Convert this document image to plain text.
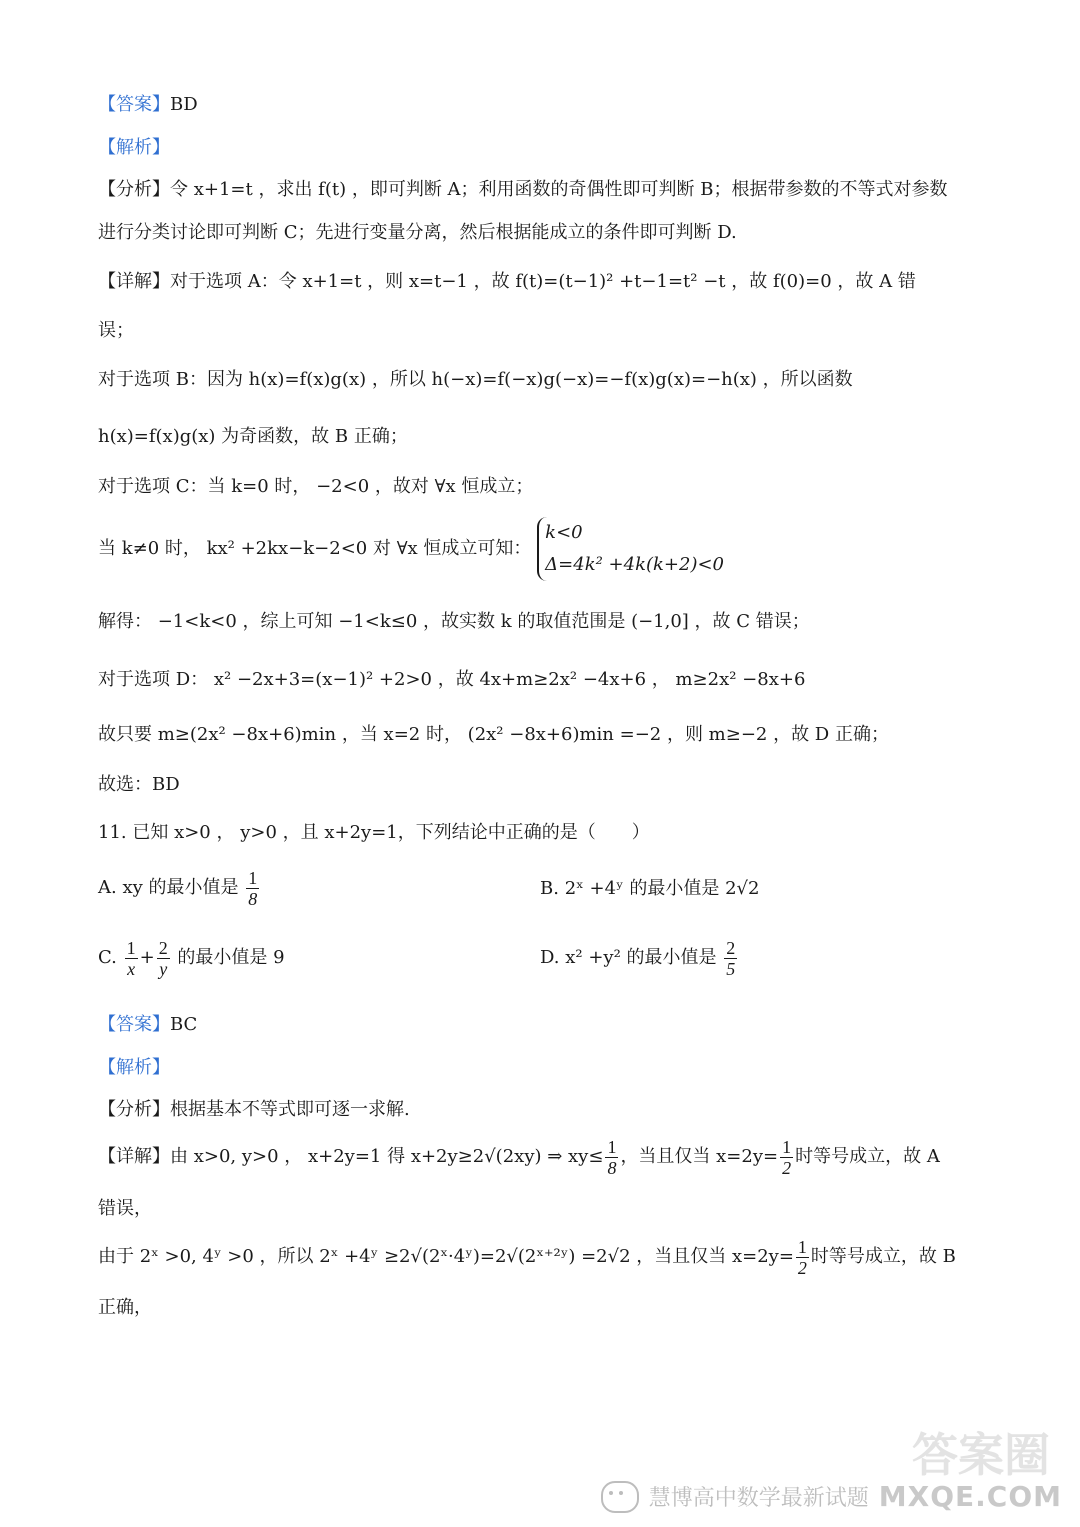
【答案】BD
【解析】
【分析】令 x+1=t ，求出 f(t) ，即可判断 A；利用函数的奇偶性即可判断 B；根据带参数的不等式对参数
进行分类讨论即可判断 C；先进行变量分离，然后根据能成立的条件即可判断 D.
【详解】对于选项 A：令 x+1=t ，则 x=t−1 ，故 f(t)=(t−1)² +t−1=t² −t ，故 f(0)=0 ，故 A 错
误；
对于选项 B：因为 h(x)=f(x)g(x) ，所以 h(−x)=f(−x)g(−x)=−f(x)g(x)=−h(x) ，所以函数
h(x)=f(x)g(x) 为奇函数，故 B 正确；
对于选项 C：当 k=0 时， −2<0 ，故对 ∀x 恒成立；
当 k≠0 时， kx² +2kx−k−2<0 对 ∀x 恒成立可知：
k<0
Δ=4k² +4k(k+2)<0
解得： −1<k<0 ，综上可知 −1<k≤0 ，故实数 k 的取值范围是 (−1,0] ，故 C 错误；
对于选项 D： x² −2x+3=(x−1)² +2>0 ，故 4x+m≥2x² −4x+6 ， m≥2x² −8x+6
故只要 m≥(2x² −8x+6)min ，当 x=2 时， (2x² −8x+6)min =−2 ，则 m≥−2 ，故 D 正确；
故选：BD
11. 已知 x>0 ， y>0 ，且 x+2y=1，下列结论中正确的是（　　）
A. xy 的最小值是 $\frac{1}{8}$	B. 2ˣ +4ʸ 的最小值是 2√2
C. $\frac{1}{x} + \frac{2}{y}$ 的最小值是 9	D. x² +y² 的最小值是 $\frac{2}{5}$
【答案】BC
【解析】
【分析】根据基本不等式即可逐一求解.
【详解】由 x>0, y>0 ， x+2y=1 得 x+2y≥2√(2xy) ⇒ $xy\le \frac{1}{8}$ ，当且仅当 $x=2y= \frac{1}{2}$ 时等号成立，故 A
错误，
由于 2ˣ >0, 4ʸ >0 ，所以 2ˣ +4ʸ ≥2√(2ˣ·4ʸ)=2√(2ˣ⁺²ʸ) =2√2 ，当且仅当 $x=2y= \frac{1}{2}$ 时等号成立，故 B
正确，
答案圈
慧博高中数学最新试题 MXQE.COM
